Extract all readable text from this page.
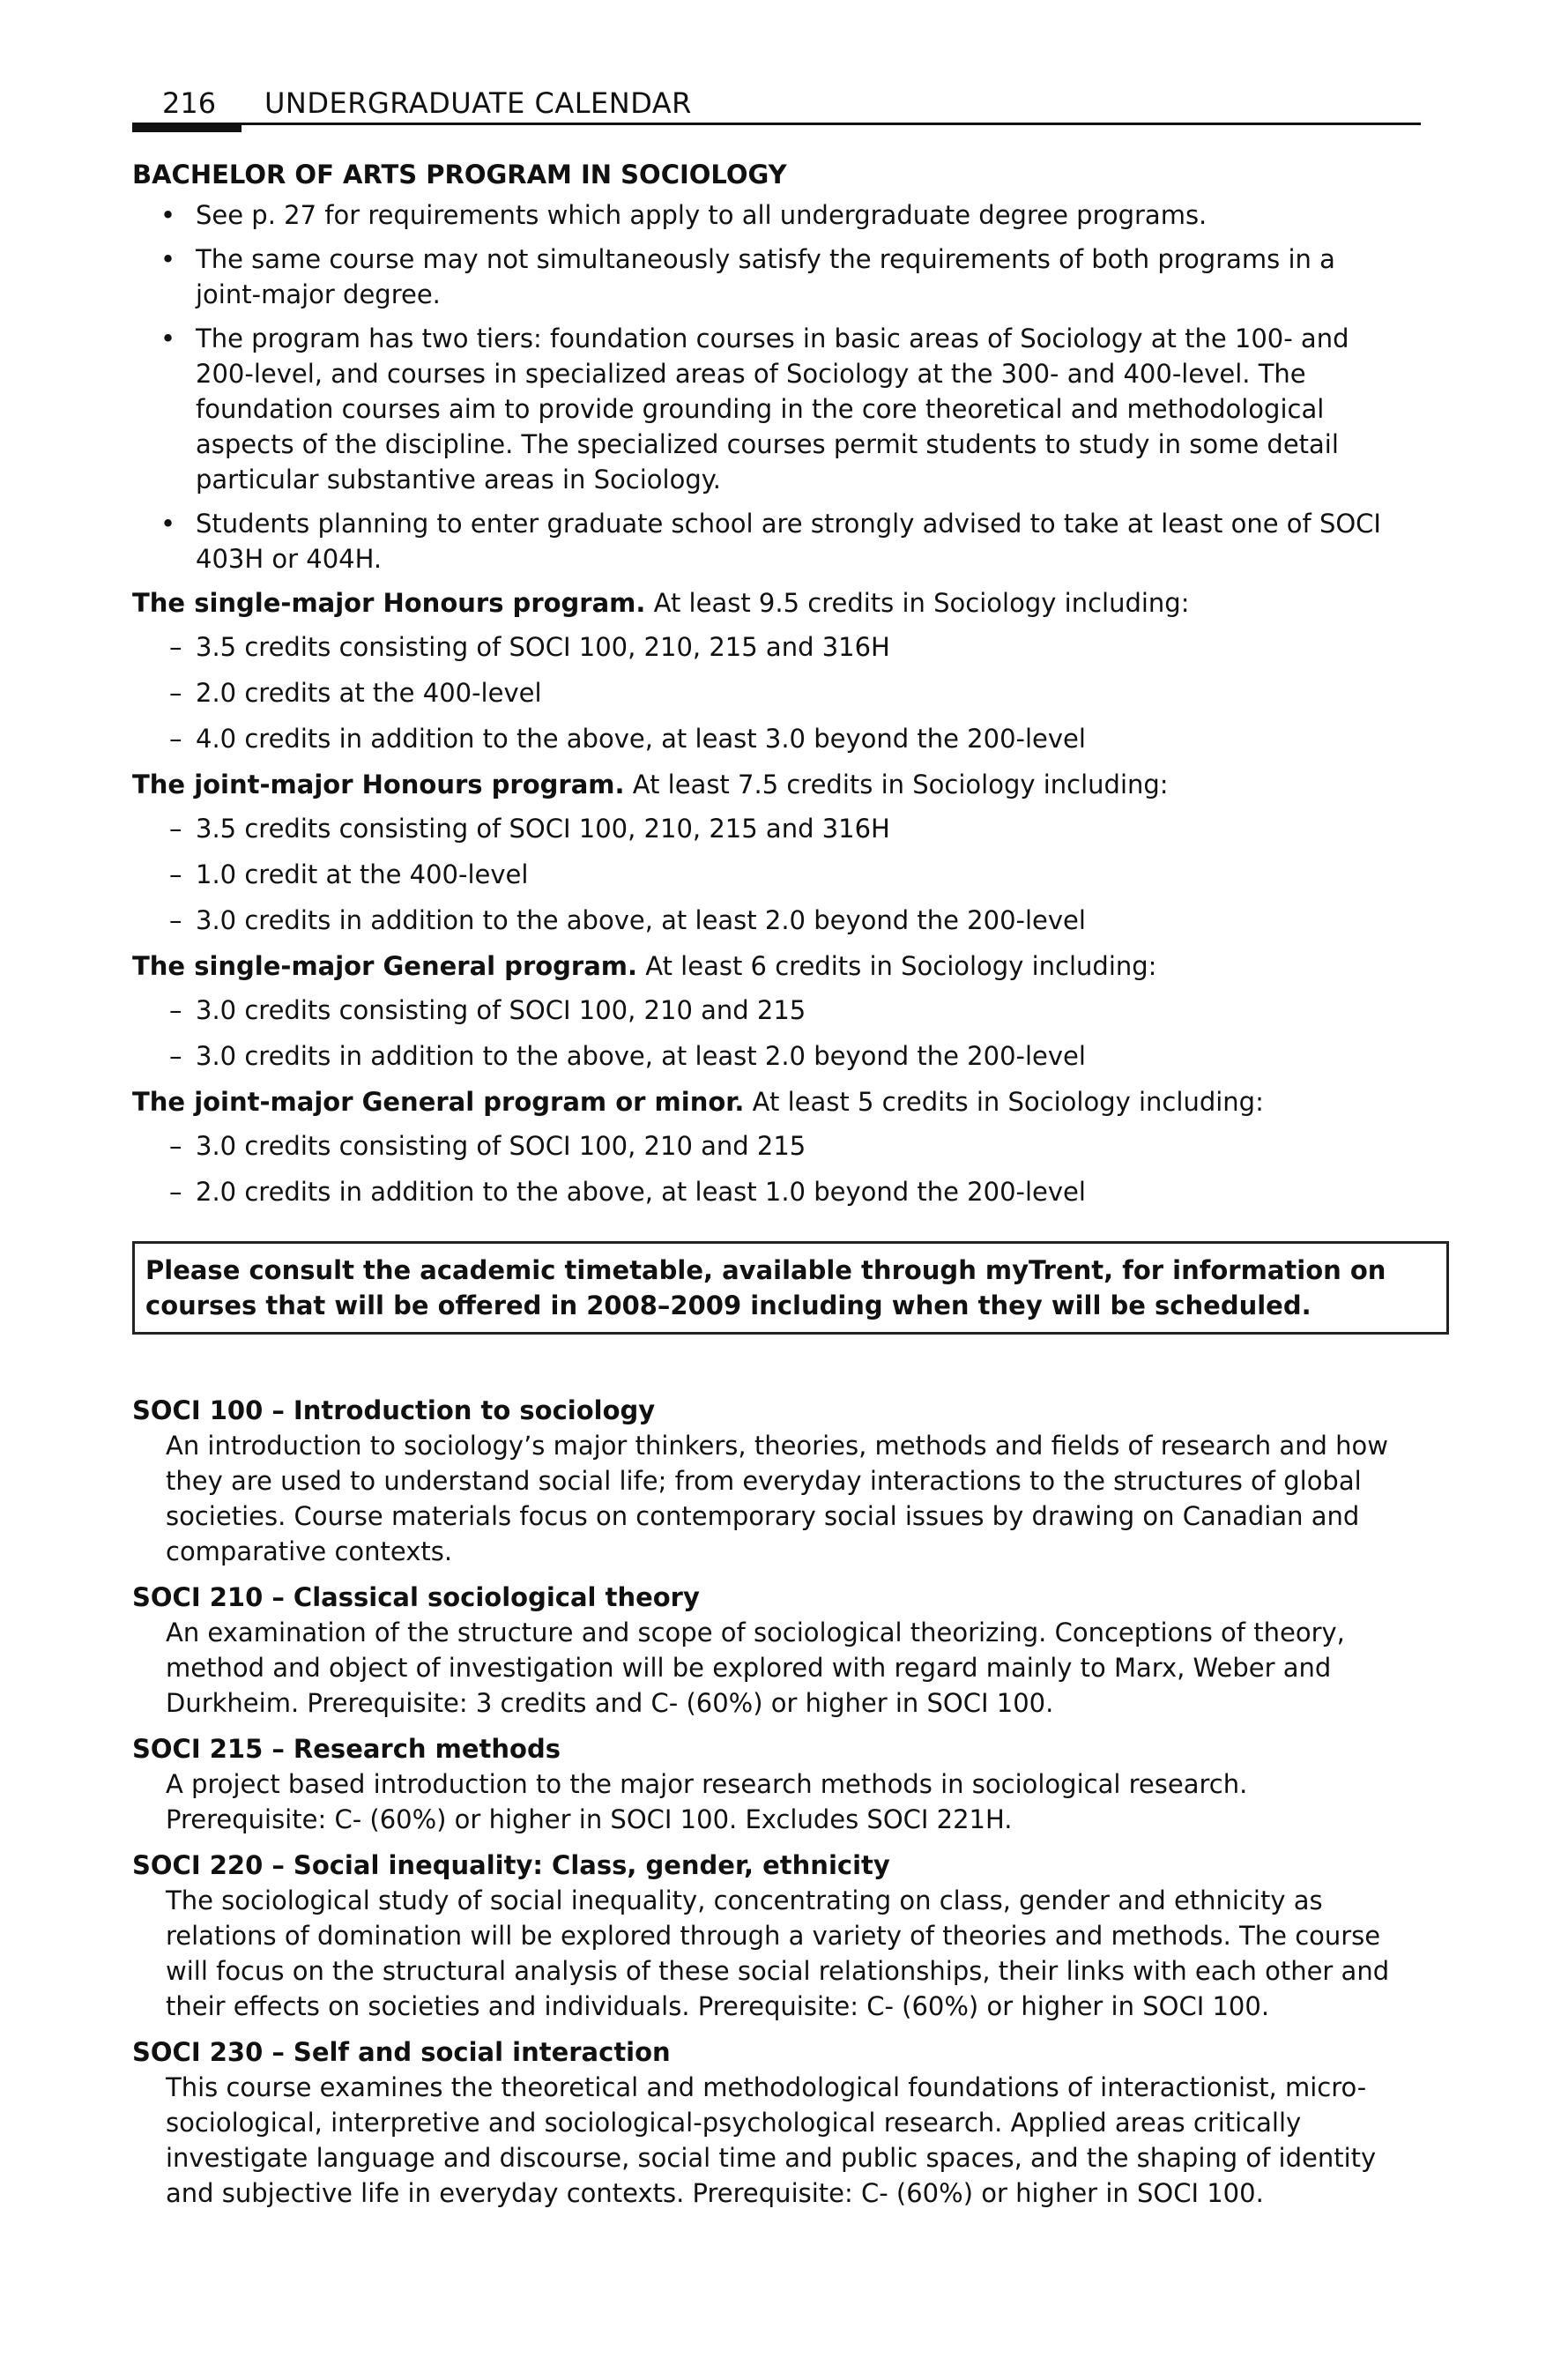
216 UNDERGRADUATE CALENDAR
BACHELOR OF ARTS PROGRAM IN SOCIOLOGY
• See p. 27 for requirements which apply to all undergraduate degree programs.
• The same course may not simultaneously satisfy the requirements of both programs in a joint-major degree.
• The program has two tiers: foundation courses in basic areas of Sociology at the 100- and 200-level, and courses in specialized areas of Sociology at the 300- and 400-level. The foundation courses aim to provide grounding in the core theoretical and methodological aspects of the discipline. The specialized courses permit students to study in some detail particular substantive areas in Sociology.
• Students planning to enter graduate school are strongly advised to take at least one of SOCI 403H or 404H.
The single-major Honours program. At least 9.5 credits in Sociology including:
– 3.5 credits consisting of SOCI 100, 210, 215 and 316H
– 2.0 credits at the 400-level
– 4.0 credits in addition to the above, at least 3.0 beyond the 200-level
The joint-major Honours program. At least 7.5 credits in Sociology including:
– 3.5 credits consisting of SOCI 100, 210, 215 and 316H
– 1.0 credit at the 400-level
– 3.0 credits in addition to the above, at least 2.0 beyond the 200-level
The single-major General program. At least 6 credits in Sociology including:
– 3.0 credits consisting of SOCI 100, 210 and 215
– 3.0 credits in addition to the above, at least 2.0 beyond the 200-level
The joint-major General program or minor. At least 5 credits in Sociology including:
– 3.0 credits consisting of SOCI 100, 210 and 215
– 2.0 credits in addition to the above, at least 1.0 beyond the 200-level
Please consult the academic timetable, available through myTrent, for information on courses that will be offered in 2008–2009 including when they will be scheduled.
SOCI 100 – Introduction to sociology
An introduction to sociology’s major thinkers, theories, methods and fields of research and how they are used to understand social life; from everyday interactions to the structures of global societies. Course materials focus on contemporary social issues by drawing on Canadian and comparative contexts.
SOCI 210 – Classical sociological theory
An examination of the structure and scope of sociological theorizing. Conceptions of theory, method and object of investigation will be explored with regard mainly to Marx, Weber and Durkheim. Prerequisite: 3 credits and C- (60%) or higher in SOCI 100.
SOCI 215 – Research methods
A project based introduction to the major research methods in sociological research. Prerequisite: C- (60%) or higher in SOCI 100. Excludes SOCI 221H.
SOCI 220 – Social inequality: Class, gender, ethnicity
The sociological study of social inequality, concentrating on class, gender and ethnicity as relations of domination will be explored through a variety of theories and methods. The course will focus on the structural analysis of these social relationships, their links with each other and their effects on societies and individuals. Prerequisite: C- (60%) or higher in SOCI 100.
SOCI 230 – Self and social interaction
This course examines the theoretical and methodological foundations of interactionist, micro-sociological, interpretive and sociological-psychological research. Applied areas critically investigate language and discourse, social time and public spaces, and the shaping of identity and subjective life in everyday contexts. Prerequisite: C- (60%) or higher in SOCI 100.
